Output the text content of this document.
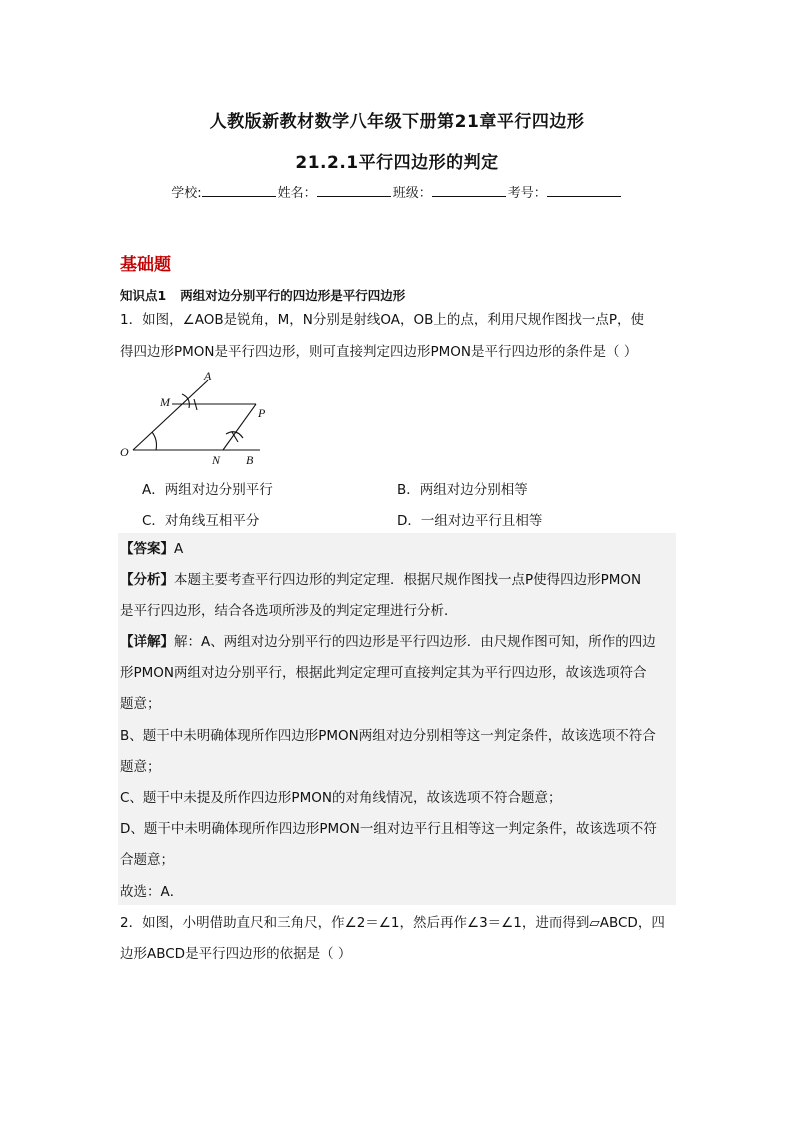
人教版新教材数学八年级下册第21章平行四边形
21.2.1平行四边形的判定
学校:	姓名：	班级：	考号：
基础题
知识点1 两组对边分别平行的四边形是平行四边形
1．如图，∠AOB是锐角，M，N分别是射线OA，OB上的点，利用尺规作图找一点P，使
得四边形PMON是平行四边形，则可直接判定四边形PMON是平行四边形的条件是（ ）
A
M
P
O
N B
A．两组对边分别平行	B．两组对边分别相等
C．对角线互相平分	D．一组对边平行且相等
【答案】A
【分析】本题主要考查平行四边形的判定定理．根据尺规作图找一点P使得四边形PMON
是平行四边形，结合各选项所涉及的判定定理进行分析．
【详解】解：A、两组对边分别平行的四边形是平行四边形．由尺规作图可知，所作的四边
形PMON两组对边分别平行，根据此判定定理可直接判定其为平行四边形，故该选项符合
题意；
B、题干中未明确体现所作四边形PMON两组对边分别相等这一判定条件，故该选项不符合
题意；
C、题干中未提及所作四边形PMON的对角线情况，故该选项不符合题意；
D、题干中未明确体现所作四边形PMON一组对边平行且相等这一判定条件，故该选项不符
合题意；
故选：A．
2．如图，小明借助直尺和三角尺，作∠2＝∠1，然后再作∠3＝∠1，进而得到▱ABCD，四
边形ABCD是平行四边形的依据是（ ）
